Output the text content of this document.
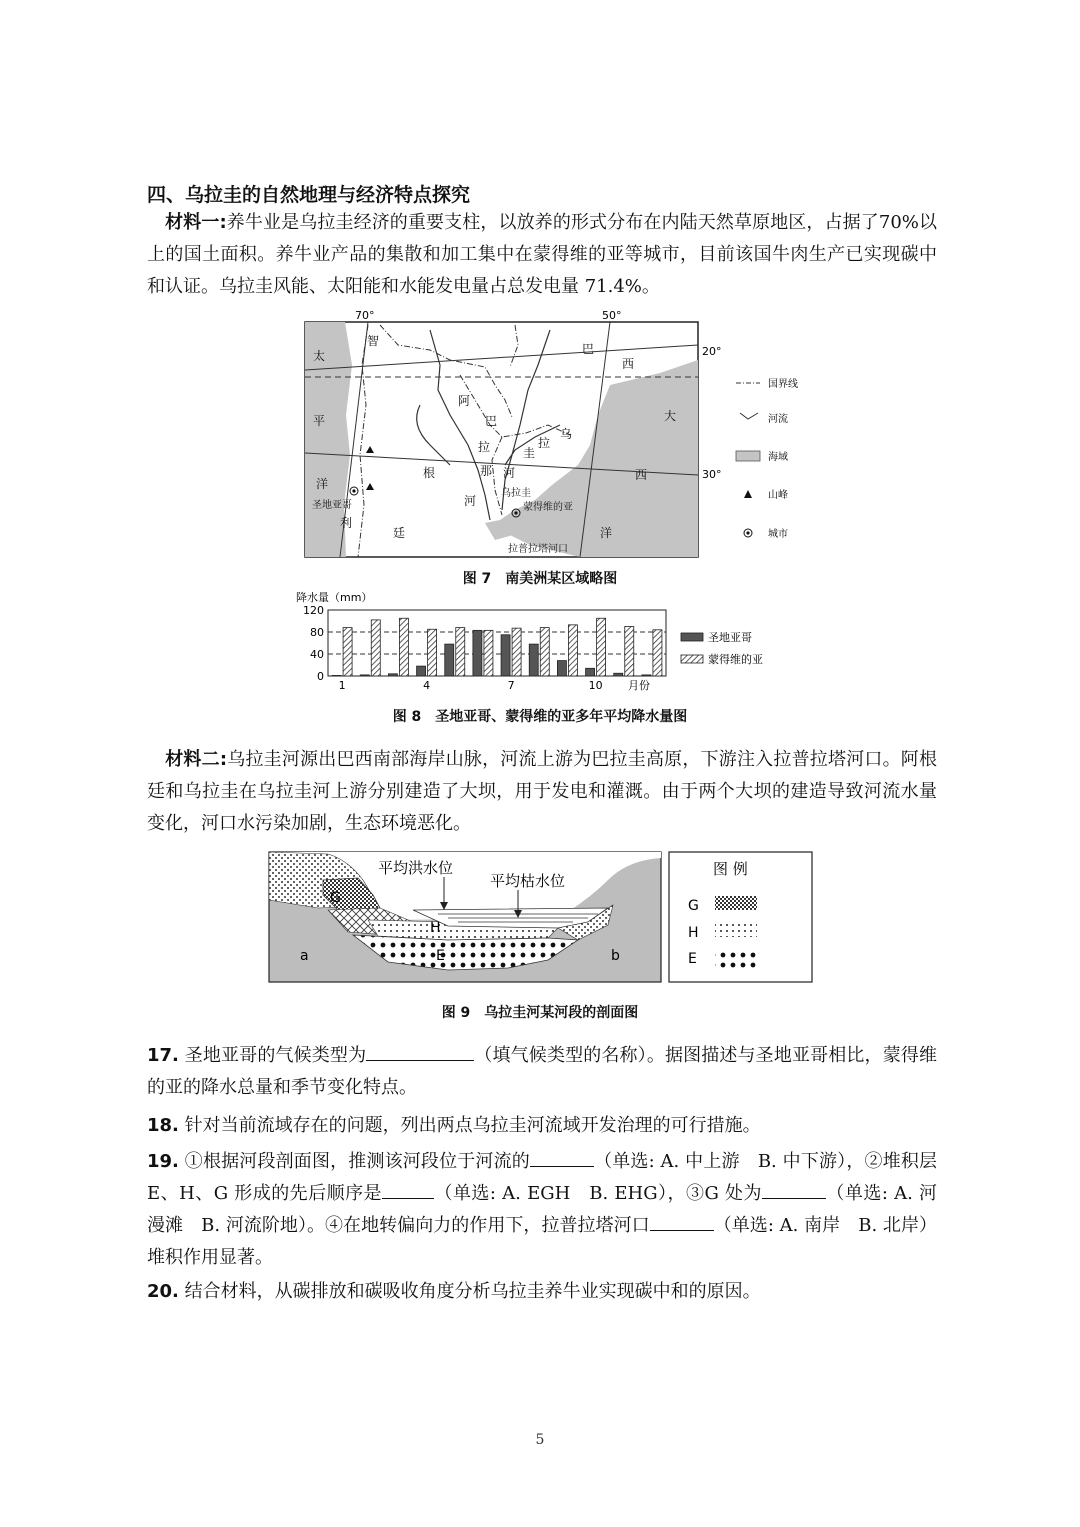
四、乌拉圭的自然地理与经济特点探究
　材料一:养牛业是乌拉圭经济的重要支柱，以放养的形式分布在内陆天然草原地区，占据了70%以上的国土面积。养牛业产品的集散和加工集中在蒙得维的亚等城市，目前该国牛肉生产已实现碳中和认证。乌拉圭风能、太阳能和水能发电量占总发电量 71.4%。
70°	50°
20°
30°
太
平
洋
智
利
阿
根
廷
巴
西
巴
拉
那
河
拉
圭
乌
河
大
西
洋
乌拉圭
圣地亚哥	蒙得维的亚
拉普拉塔河口
国界线
河流
海域
山峰
城市
图 7　南美洲某区域略图
降水量（mm）
0
40
80
120
1	4	7	10 月份
圣地亚哥
蒙得维的亚
图 8　圣地亚哥、蒙得维的亚多年平均降水量图
　材料二:乌拉圭河源出巴西南部海岸山脉，河流上游为巴拉圭高原，下游注入拉普拉塔河口。阿根廷和乌拉圭在乌拉圭河上游分别建造了大坝，用于发电和灌溉。由于两个大坝的建造导致河流水量变化，河口水污染加剧，生态环境恶化。
平均洪水位
平均枯水位
G
H
E
a	b
图 例
G
H
E
图 9　乌拉圭河某河段的剖面图
17. 圣地亚哥的气候类型为	（填气候类型的名称）。据图描述与圣地亚哥相比，蒙得维的亚的降水总量和季节变化特点。
18. 针对当前流域存在的问题，列出两点乌拉圭河流域开发治理的可行措施。
19. ①根据河段剖面图，推测该河段位于河流的	（单选: A. 中上游　B. 中下游），②堆积层 E、H、G 形成的先后顺序是	（单选: A. EGH　B. EHG），③G 处为	（单选: A. 河漫滩　B. 河流阶地）。④在地转偏向力的作用下，拉普拉塔河口	（单选: A. 南岸　B. 北岸）堆积作用显著。
20. 结合材料，从碳排放和碳吸收角度分析乌拉圭养牛业实现碳中和的原因。
5
